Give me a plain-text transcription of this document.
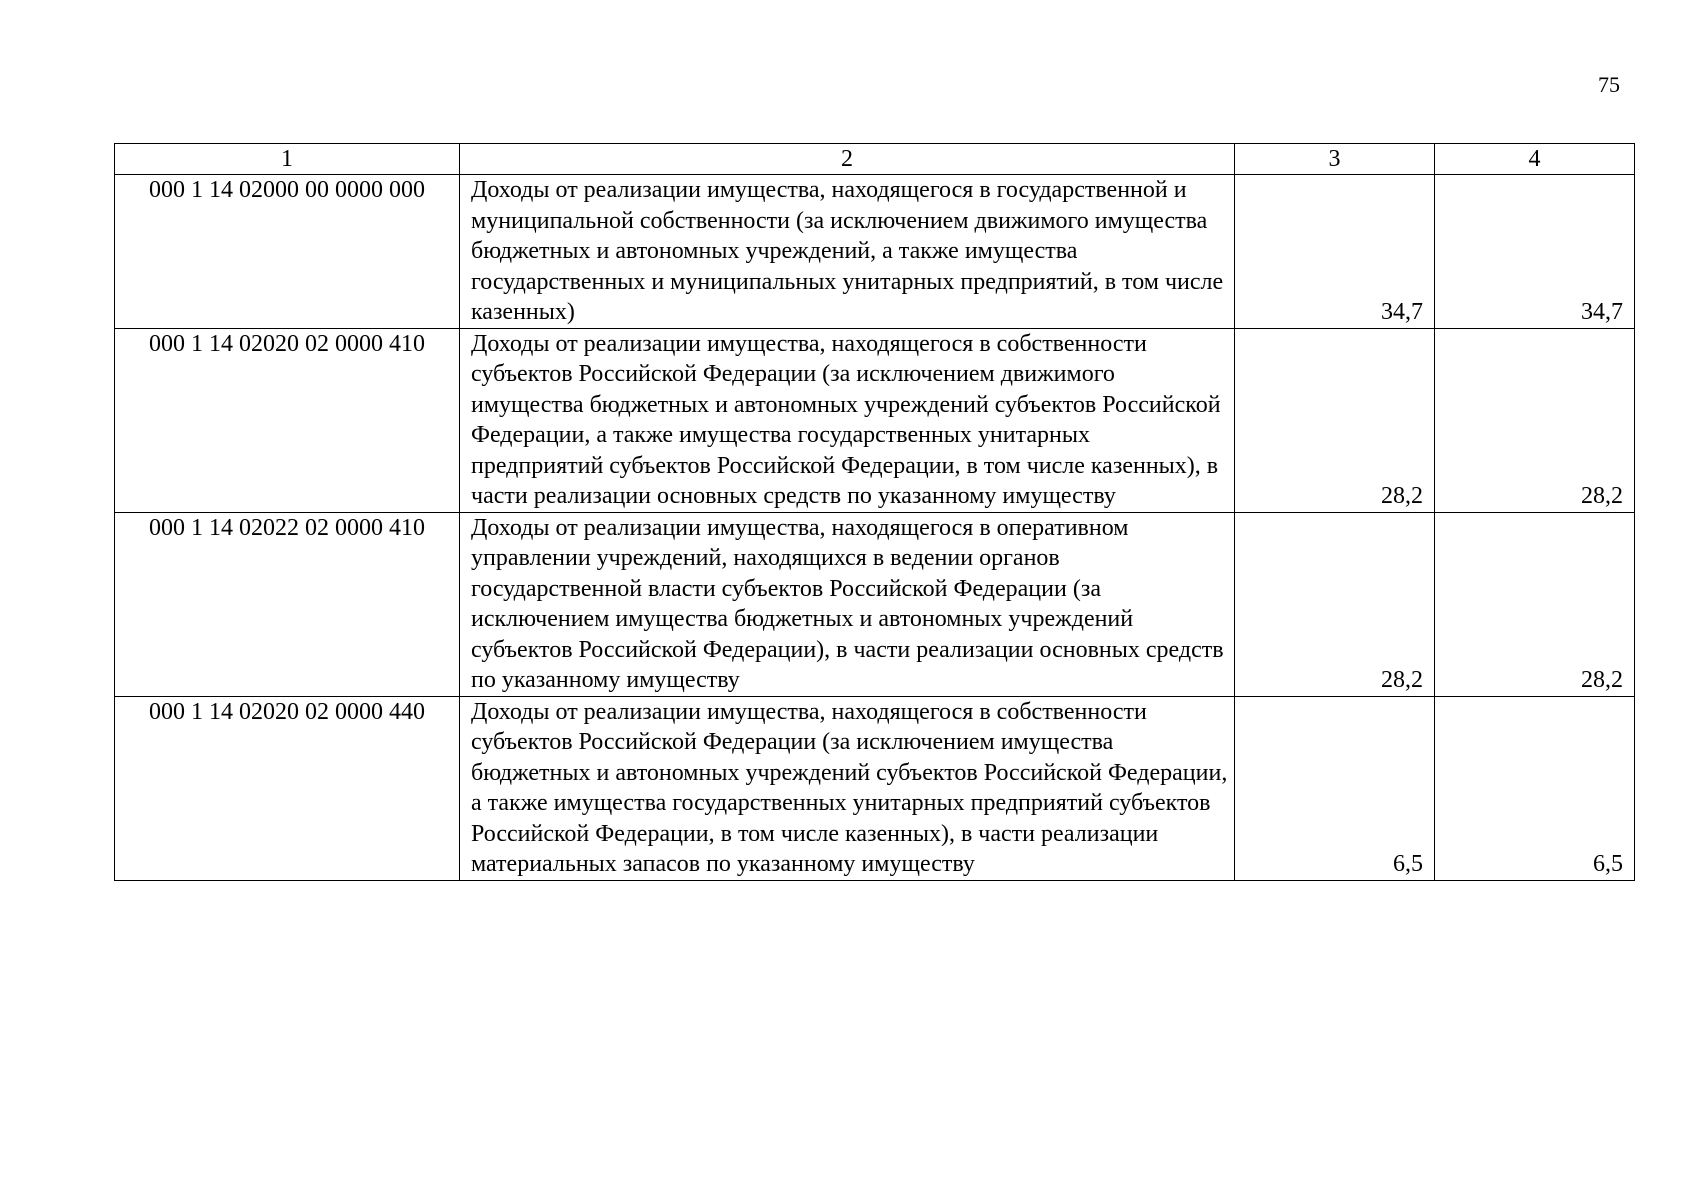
75
1	2	3	4
000 1 14 02000 00 0000 000	Доходы от реализации имущества, находящегося в государственной и муниципальной собственности (за исключением движимого имущества бюджетных и автономных учреждений, а также имущества государственных и муниципальных унитарных предприятий, в том числе казенных)	34,7	34,7
000 1 14 02020 02 0000 410	Доходы от реализации имущества, находящегося в собственности субъектов Российской Федерации (за исключением движимого имущества бюджетных и автономных учреждений субъектов Российской Федерации, а также имущества государственных унитарных предприятий субъектов Российской Федерации, в том числе казенных), в части реализации основных средств по указанному имуществу	28,2	28,2
000 1 14 02022 02 0000 410	Доходы от реализации имущества, находящегося в оперативном управлении учреждений, находящихся в ведении органов государственной власти субъектов Российской Федерации (за исключением имущества бюджетных и автономных учреждений субъектов Российской Федерации), в части реализации основных средств по указанному имуществу	28,2	28,2
000 1 14 02020 02 0000 440	Доходы от реализации имущества, находящегося в собственности субъектов Российской Федерации (за исключением имущества бюджетных и автономных учреждений субъектов Российской Федерации, а также имущества государственных унитарных предприятий субъектов Российской Федерации, в том числе казенных), в части реализации материальных запасов по указанному имуществу	6,5	6,5
